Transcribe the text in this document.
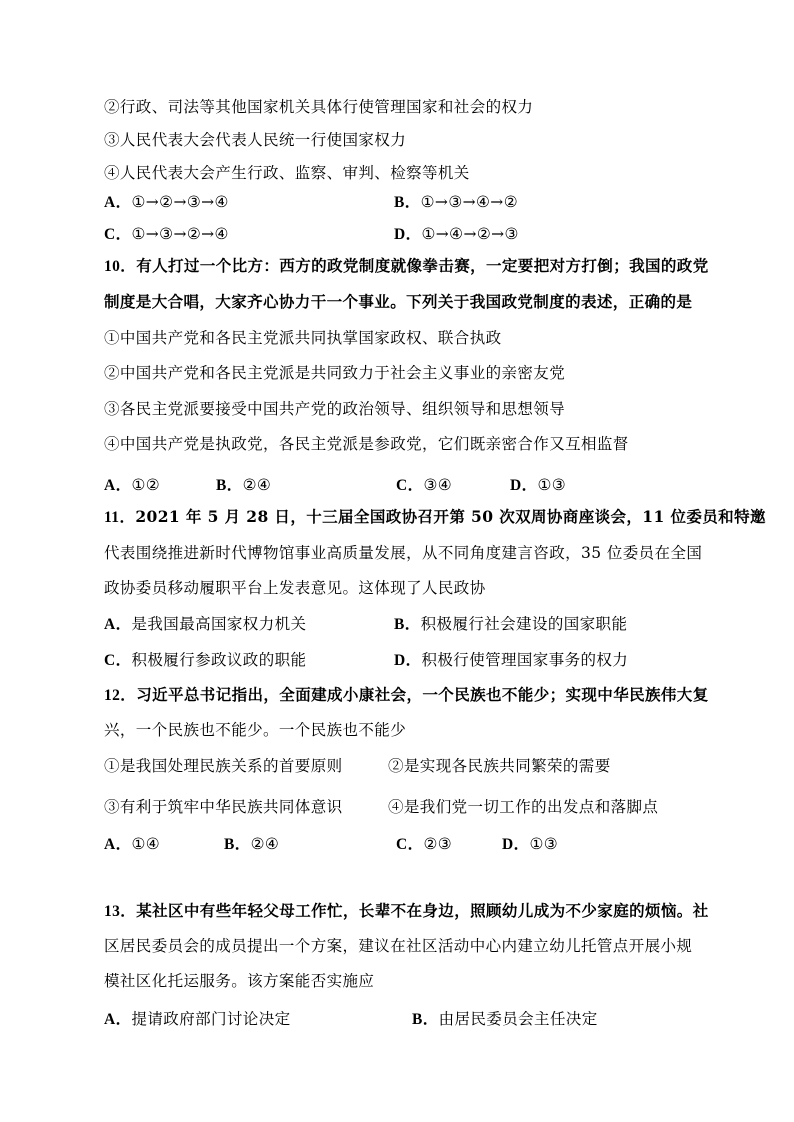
②行政、司法等其他国家机关具体行使管理国家和社会的权力
③人民代表大会代表人民统一行使国家权力
④人民代表大会产生行政、监察、审判、检察等机关
A．①→②→③→④	B．①→③→④→②
C．①→③→②→④	D．①→④→②→③
10．有人打过一个比方：西方的政党制度就像拳击赛，一定要把对方打倒；我国的政党
制度是大合唱，大家齐心协力干一个事业。下列关于我国政党制度的表述，正确的是
①中国共产党和各民主党派共同执掌国家政权、联合执政
②中国共产党和各民主党派是共同致力于社会主义事业的亲密友党
③各民主党派要接受中国共产党的政治领导、组织领导和思想领导
④中国共产党是执政党，各民主党派是参政党，它们既亲密合作又互相监督
A．①②	B．②④	C．③④	D．①③
11．2021 年 5 月 28 日，十三届全国政协召开第 50 次双周协商座谈会，11 位委员和特邀
代表围绕推进新时代博物馆事业高质量发展，从不同角度建言咨政，35 位委员在全国
政协委员移动履职平台上发表意见。这体现了人民政协
A．是我国最高国家权力机关	B．积极履行社会建设的国家职能
C．积极履行参政议政的职能	D．积极行使管理国家事务的权力
12．习近平总书记指出，全面建成小康社会，一个民族也不能少；实现中华民族伟大复
兴，一个民族也不能少。一个民族也不能少
①是我国处理民族关系的首要原则	②是实现各民族共同繁荣的需要
③有利于筑牢中华民族共同体意识	④是我们党一切工作的出发点和落脚点
A．①④	B．②④	C．②③	D．①③
13．某社区中有些年轻父母工作忙，长辈不在身边，照顾幼儿成为不少家庭的烦恼。社
区居民委员会的成员提出一个方案，建议在社区活动中心内建立幼儿托管点开展小规
模社区化托运服务。该方案能否实施应
A．提请政府部门讨论决定	B．由居民委员会主任决定
